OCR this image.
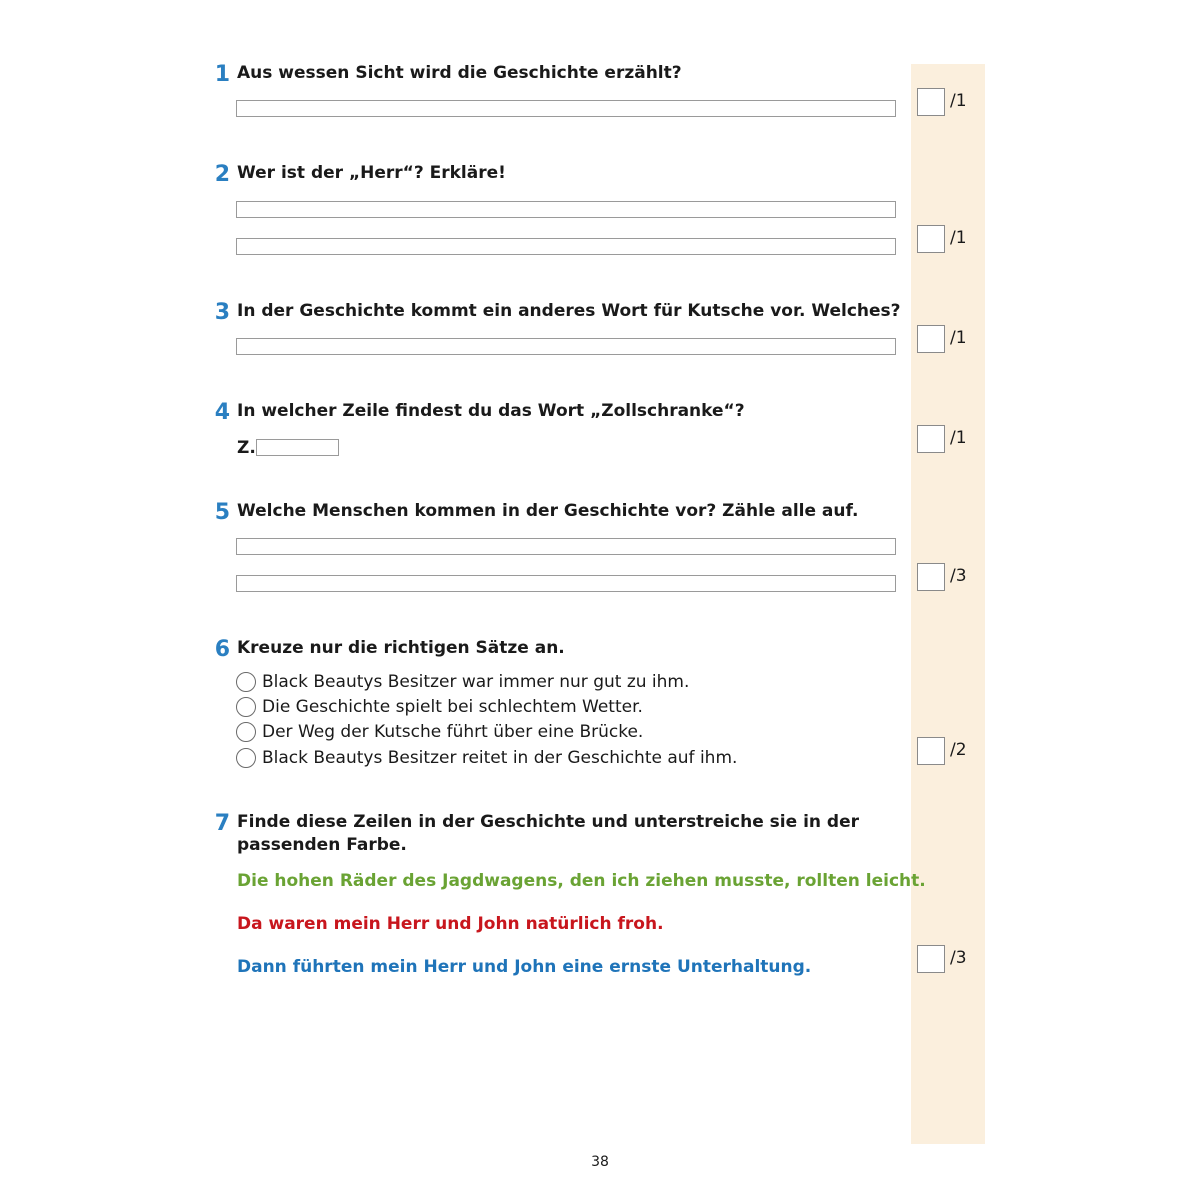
1 Aus wessen Sicht wird die Geschichte erzählt?
/1
2 Wer ist der „Herr“? Erkläre!
/1
3 In der Geschichte kommt ein anderes Wort für Kutsche vor. Welches?
/1
4 In welcher Zeile findest du das Wort „Zollschranke“?
Z.	/1
5 Welche Menschen kommen in der Geschichte vor? Zähle alle auf.
/3
6 Kreuze nur die richtigen Sätze an.
Black Beautys Besitzer war immer nur gut zu ihm.
Die Geschichte spielt bei schlechtem Wetter.
Der Weg der Kutsche führt über eine Brücke.
Black Beautys Besitzer reitet in der Geschichte auf ihm.	/2
7 Finde diese Zeilen in der Geschichte und unterstreiche sie in der
passenden Farbe.
Die hohen Räder des Jagdwagens, den ich ziehen musste, rollten leicht.
Da waren mein Herr und John natürlich froh.
Dann führten mein Herr und John eine ernste Unterhaltung.	/3
38
